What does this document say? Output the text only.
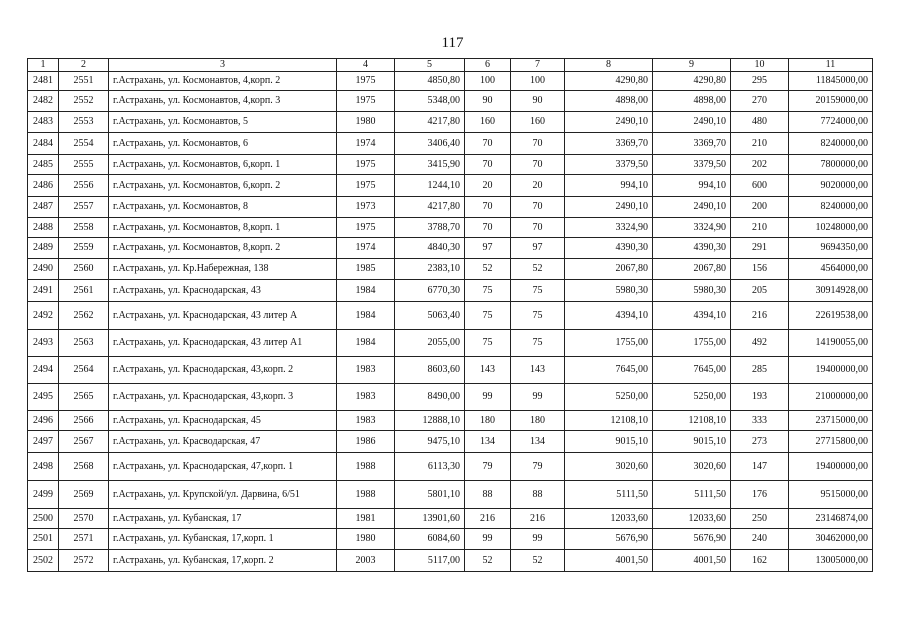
117
1	2	3	4	5	6	7	8	9	10	11
2481	2551	г.Астрахань, ул. Космонавтов, 4,корп. 2	1975	4850,80	100	100	4290,80	4290,80	295	11845000,00
2482	2552	г.Астрахань, ул. Космонавтов, 4,корп. 3	1975	5348,00	90	90	4898,00	4898,00	270	20159000,00
2483	2553	г.Астрахань, ул. Космонавтов, 5	1980	4217,80	160	160	2490,10	2490,10	480	7724000,00
2484	2554	г.Астрахань, ул. Космонавтов, 6	1974	3406,40	70	70	3369,70	3369,70	210	8240000,00
2485	2555	г.Астрахань, ул. Космонавтов, 6,корп. 1	1975	3415,90	70	70	3379,50	3379,50	202	7800000,00
2486	2556	г.Астрахань, ул. Космонавтов, 6,корп. 2	1975	1244,10	20	20	994,10	994,10	600	9020000,00
2487	2557	г.Астрахань, ул. Космонавтов, 8	1973	4217,80	70	70	2490,10	2490,10	200	8240000,00
2488	2558	г.Астрахань, ул. Космонавтов, 8,корп. 1	1975	3788,70	70	70	3324,90	3324,90	210	10248000,00
2489	2559	г.Астрахань, ул. Космонавтов, 8,корп. 2	1974	4840,30	97	97	4390,30	4390,30	291	9694350,00
2490	2560	г.Астрахань, ул. Кр.Набережная, 138	1985	2383,10	52	52	2067,80	2067,80	156	4564000,00
2491	2561	г.Астрахань, ул. Краснодарская, 43	1984	6770,30	75	75	5980,30	5980,30	205	30914928,00
2492	2562	г.Астрахань, ул. Краснодарская, 43 литер А	1984	5063,40	75	75	4394,10	4394,10	216	22619538,00
2493	2563	г.Астрахань, ул. Краснодарская, 43 литер А1	1984	2055,00	75	75	1755,00	1755,00	492	14190055,00
2494	2564	г.Астрахань, ул. Краснодарская, 43,корп. 2	1983	8603,60	143	143	7645,00	7645,00	285	19400000,00
2495	2565	г.Астрахань, ул. Краснодарская, 43,корп. 3	1983	8490,00	99	99	5250,00	5250,00	193	21000000,00
2496	2566	г.Астрахань, ул. Краснодарская, 45	1983	12888,10	180	180	12108,10	12108,10	333	23715000,00
2497	2567	г.Астрахань, ул. Красводарская, 47	1986	9475,10	134	134	9015,10	9015,10	273	27715800,00
2498	2568	г.Астрахань, ул. Краснодарская, 47,корп. 1	1988	6113,30	79	79	3020,60	3020,60	147	19400000,00
2499	2569	г.Астрахань, ул. Крупской/ул. Дарвина, 6/51	1988	5801,10	88	88	5111,50	5111,50	176	9515000,00
2500	2570	г.Астрахань, ул. Кубанская, 17	1981	13901,60	216	216	12033,60	12033,60	250	23146874,00
2501	2571	г.Астрахань, ул. Кубанская, 17,корп. 1	1980	6084,60	99	99	5676,90	5676,90	240	30462000,00
2502	2572	г.Астрахань, ул. Кубанская, 17,корп. 2	2003	5117,00	52	52	4001,50	4001,50	162	13005000,00
